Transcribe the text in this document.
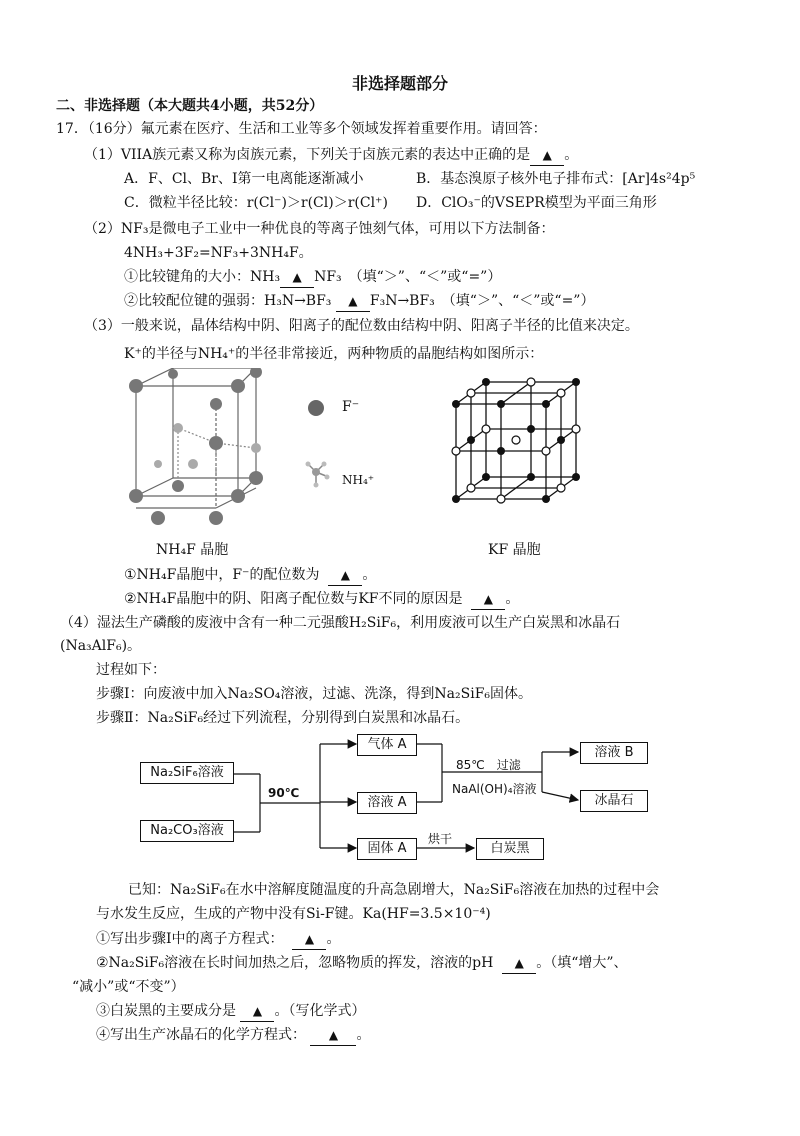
非选择题部分
二、非选择题（本大题共4小题，共52分）
17．（16分）氟元素在医疗、生活和工业等多个领域发挥着重要作用。请回答：
（1）VIIA族元素又称为卤族元素，下列关于卤族元素的表达中正确的是 ▲ 。
A．F、Cl、Br、I第一电离能逐渐减小	B．基态溴原子核外电子排布式：[Ar]4s²4p⁵
C．微粒半径比较：r(Cl⁻)＞r(Cl)＞r(Cl⁺) D．ClO₃⁻的VSEPR模型为平面三角形
（2）NF₃是微电子工业中一种优良的等离子蚀刻气体，可用以下方法制备：
4NH₃+3F₂=NF₃+3NH₄F。
①比较键角的大小：NH₃ ▲ NF₃　（填“＞”、“＜”或“=”）
②比较配位键的强弱：H₃N→BF₃ ▲ F₃N→BF₃　（填“＞”、“＜”或“=”）
（3）一般来说，晶体结构中阴、阳离子的配位数由结构中阴、阳离子半径的比值来决定。
K⁺的半径与NH₄⁺的半径非常接近，两种物质的晶胞结构如图所示：
F⁻
NH₄⁺
NH₄F 晶胞	KF 晶胞
①NH₄F晶胞中，F⁻的配位数为 ▲ 。
②NH₄F晶胞中的阴、阳离子配位数与KF不同的原因是 ▲ 。
（4）湿法生产磷酸的废液中含有一种二元强酸H₂SiF₆，利用废液可以生产白炭黑和冰晶石
(Na₃AlF₆)。
过程如下：
步骤Ⅰ：向废液中加入Na₂SO₄溶液，过滤、洗涤，得到Na₂SiF₆固体。
步骤Ⅱ：Na₂SiF₆经过下列流程，分别得到白炭黑和冰晶石。
Na₂SiF₆溶液
Na₂CO₃溶液
90℃
气体 A
溶液 A
固体 A
85℃　过滤
NaAl(OH)₄溶液
溶液 B
冰晶石
烘干
白炭黑
已知：Na₂SiF₆在水中溶解度随温度的升高急剧增大，Na₂SiF₆溶液在加热的过程中会
与水发生反应，生成的产物中没有Si-F键。Ka(HF=3.5×10⁻⁴)
①写出步骤Ⅰ中的离子方程式： ▲ 。
②Na₂SiF₆溶液在长时间加热之后，忽略物质的挥发，溶液的pH ▲ 。（填“增大”、
“减小”或“不变”）
③白炭黑的主要成分是 ▲ 。（写化学式）
④写出生产冰晶石的化学方程式： ▲ 。
